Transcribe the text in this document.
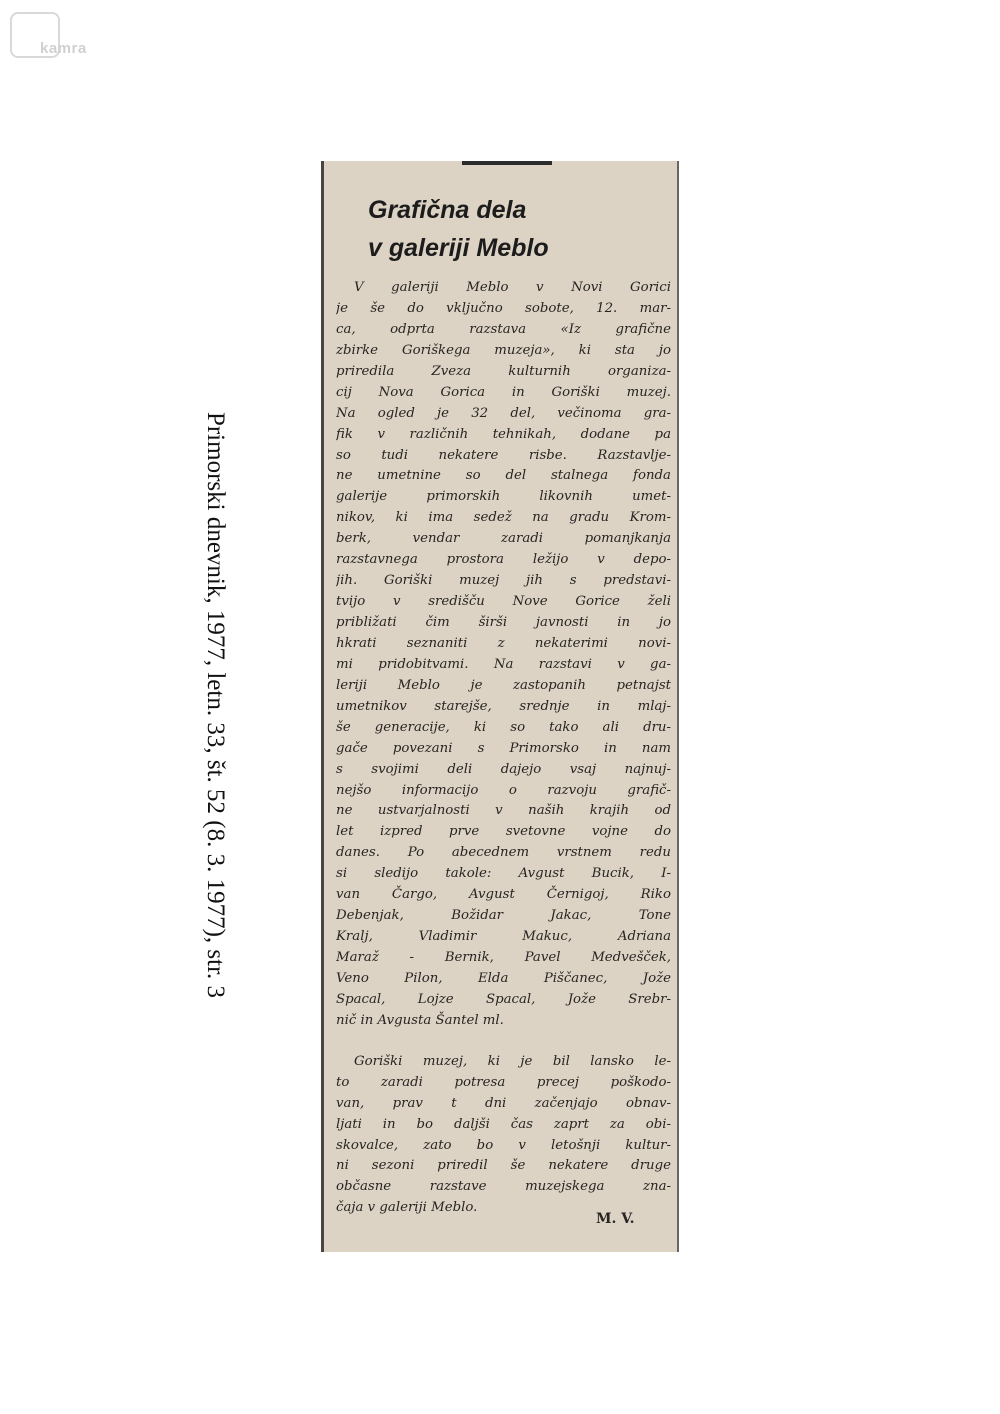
kamra
Primorski dnevnik, 1977, letn. 33, št. 52 (8. 3. 1977), str. 3
Grafična dela
v galeriji Meblo
V galeriji Meblo v Novi Gorici
je še do vključno sobote, 12. mar-
ca, odprta razstava «Iz grafične
zbirke Goriškega muzeja», ki sta jo
priredila Zveza kulturnih organiza-
cij Nova Gorica in Goriški muzej.
Na ogled je 32 del, večinoma gra-
fik v različnih tehnikah, dodane pa
so tudi nekatere risbe. Razstavlje-
ne umetnine so del stalnega fonda
galerije primorskih likovnih umet-
nikov, ki ima sedež na gradu Krom-
berk, vendar zaradi pomanjkanja
razstavnega prostora ležijo v depo-
jih. Goriški muzej jih s predstavi-
tvijo v središču Nove Gorice želi
približati čim širši javnosti in jo
hkrati seznaniti z nekaterimi novi-
mi pridobitvami. Na razstavi v ga-
leriji Meblo je zastopanih petnajst
umetnikov starejše, srednje in mlaj-
še generacije, ki so tako ali dru-
gače povezani s Primorsko in nam
s svojimi deli dajejo vsaj najnuj-
nejšo informacijo o razvoju grafič-
ne ustvarjalnosti v naših krajih od
let izpred prve svetovne vojne do
danes. Po abecednem vrstnem redu
si sledijo takole: Avgust Bucik, I-
van Čargo, Avgust Černigoj, Riko
Debenjak, Božidar Jakac, Tone
Kralj, Vladimir Makuc, Adriana
Maraž - Bernik, Pavel Medvešček,
Veno Pilon, Elda Piščanec, Jože
Spacal, Lojze Spacal, Jože Srebr-
nič in Avgusta Šantel ml.
Goriški muzej, ki je bil lansko le-
to zaradi potresa precej poškodo-
van, prav t dni začenjajo obnav-
ljati in bo daljši čas zaprt za obi-
skovalce, zato bo v letošnji kultur-
ni sezoni priredil še nekatere druge
občasne razstave muzejskega zna-
čaja v galeriji Meblo.
M. V.
